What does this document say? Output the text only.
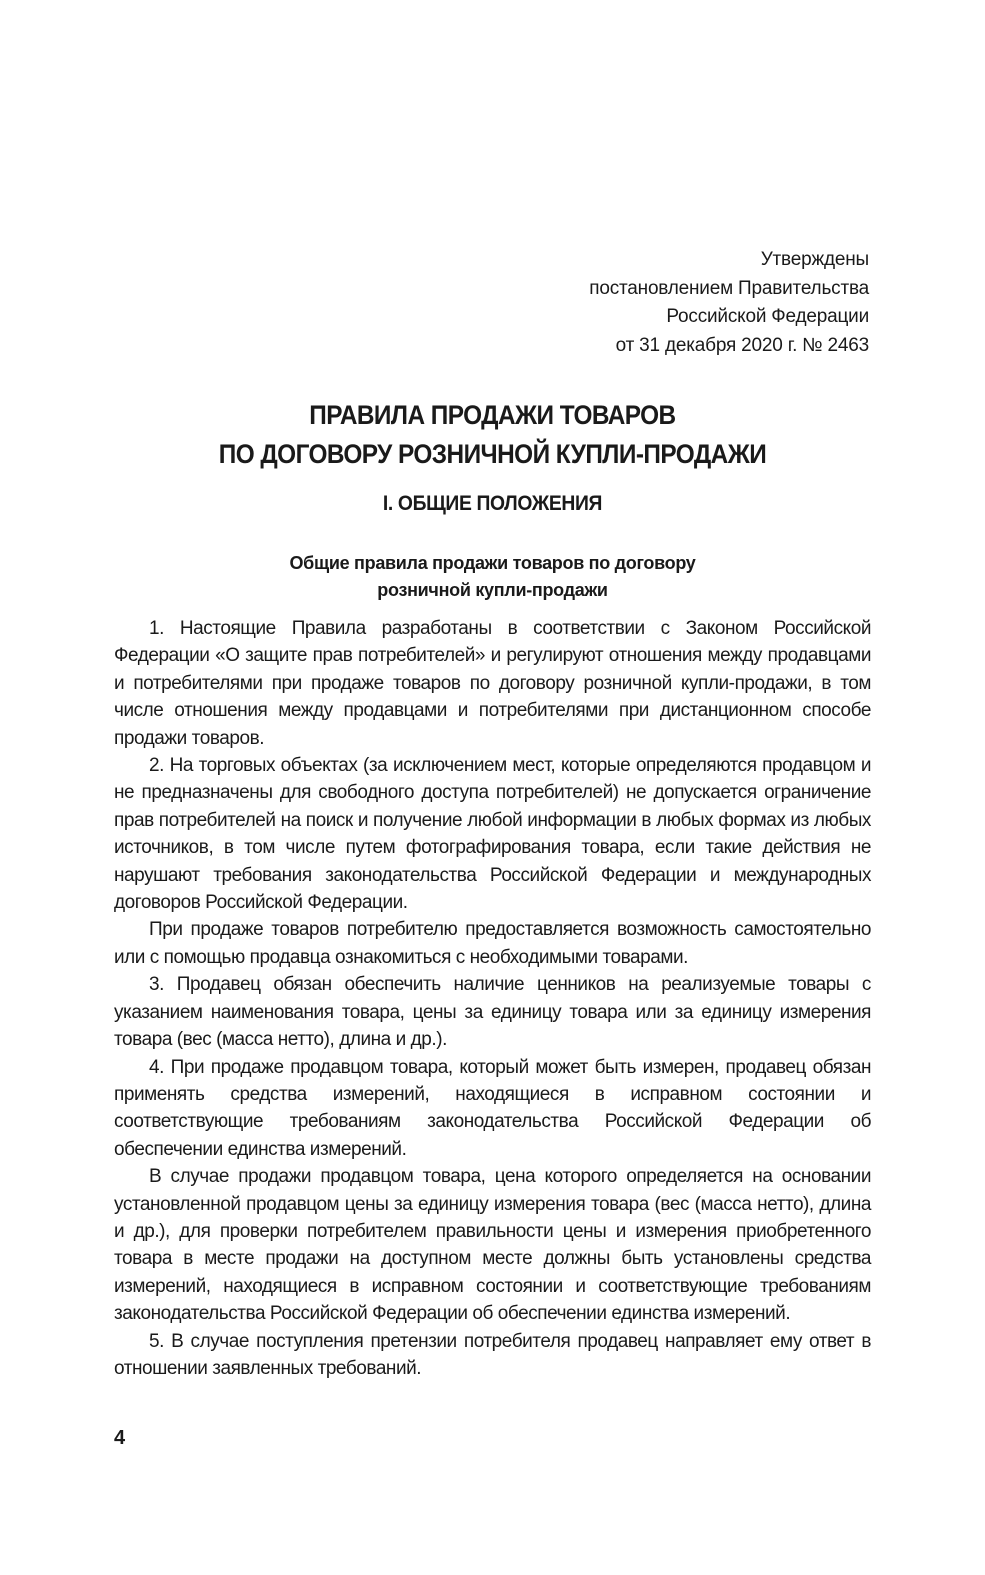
Утверждены
постановлением Правительства
Российской Федерации
от 31 декабря 2020 г. № 2463
ПРАВИЛА ПРОДАЖИ ТОВАРОВ
ПО ДОГОВОРУ РОЗНИЧНОЙ КУПЛИ-ПРОДАЖИ
I. ОБЩИЕ ПОЛОЖЕНИЯ
Общие правила продажи товаров по договору
розничной купли-продажи

1. Настоящие Правила разработаны в соответствии с Законом Российской Федерации «О защите прав потребителей» и регулируют отношения между продавцами и потребителями при продаже товаров по договору розничной купли-продажи, в том числе отношения между продавцами и потребителями при дистанционном способе продажи товаров.

2. На торговых объектах (за исключением мест, которые определяются продавцом и не предназначены для свободного доступа потребителей) не допускается ограничение прав потребителей на поиск и получение любой информации в любых формах из любых источников, в том числе путем фотографирования товара, если такие действия не нарушают требования законодательства Российской Федерации и международных договоров Российской Федерации.

При продаже товаров потребителю предоставляется возможность самостоятельно или с помощью продавца ознакомиться с необходимыми товарами.

3. Продавец обязан обеспечить наличие ценников на реализуемые товары с указанием наименования товара, цены за единицу товара или за единицу измерения товара (вес (масса нетто), длина и др.).

4. При продаже продавцом товара, который может быть измерен, продавец обязан применять средства измерений, находящиеся в исправном состоянии и соответствующие требованиям законодательства Российской Федерации об обеспечении единства измерений.

В случае продажи продавцом товара, цена которого определяется на основании установленной продавцом цены за единицу измерения товара (вес (масса нетто), длина и др.), для проверки потребителем правильности цены и измерения приобретенного товара в месте продажи на доступном месте должны быть установлены средства измерений, находящиеся в исправном состоянии и соответствующие требованиям законодательства Российской Федерации об обеспечении единства измерений.

5. В случае поступления претензии потребителя продавец направляет ему ответ в отношении заявленных требований.

4
